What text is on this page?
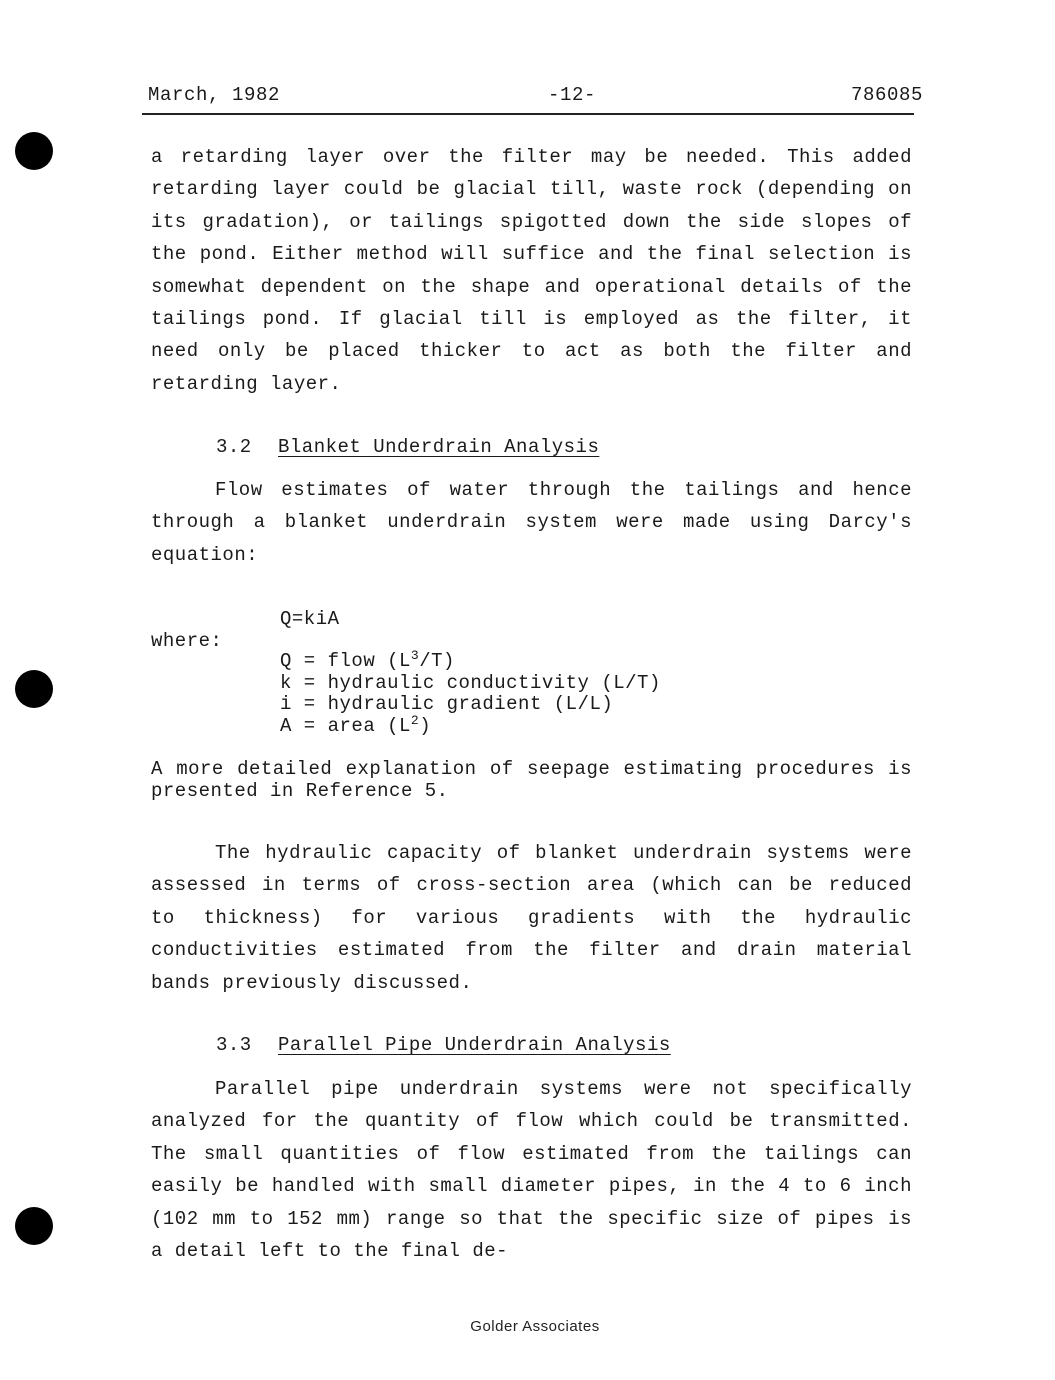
March, 1982	-12-	786085

a retarding layer over the filter may be needed. This added retarding layer could be glacial till, waste rock (depending on its gradation), or tailings spigotted down the side slopes of the pond. Either method will suffice and the final selection is somewhat dependent on the shape and operational details of the tailings pond. If glacial till is employed as the filter, it need only be placed thicker to act as both the filter and retarding layer.

3.2 Blanket Underdrain Analysis

Flow estimates of water through the tailings and hence through a blanket underdrain system were made using Darcy's equation:

Q=kiA
where:
Q = flow $(L^3/T)$
k = hydraulic conductivity (L/T)
i = hydraulic gradient (L/L)
A = area $(L^2)$

A more detailed explanation of seepage estimating procedures is presented in Reference 5.

The hydraulic capacity of blanket underdrain systems were assessed in terms of cross-section area (which can be reduced to thickness) for various gradients with the hydraulic conductivities estimated from the filter and drain material bands previously discussed.

3.3 Parallel Pipe Underdrain Analysis

Parallel pipe underdrain systems were not specifically analyzed for the quantity of flow which could be transmitted. The small quantities of flow estimated from the tailings can easily be handled with small diameter pipes, in the 4 to 6 inch (102 mm to 152 mm) range so that the specific size of pipes is a detail left to the final de-

Golder Associates
